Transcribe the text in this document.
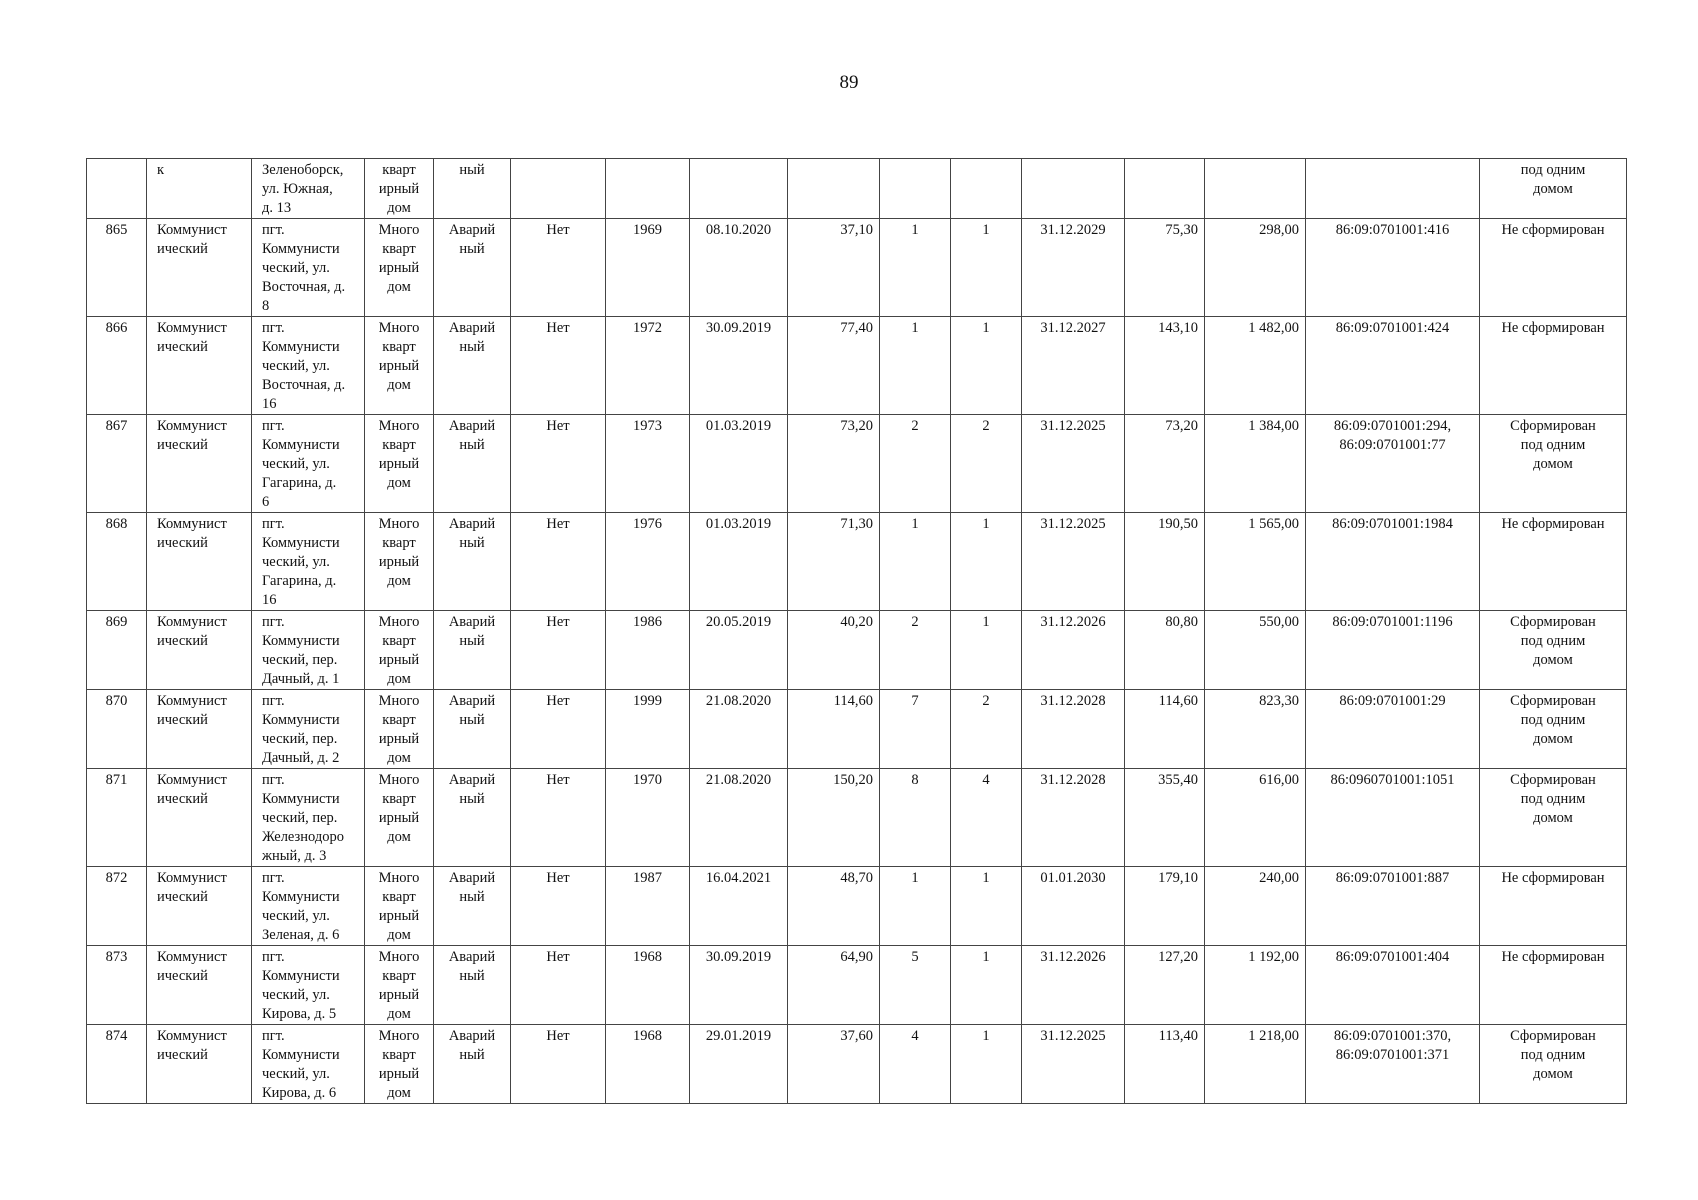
89
	к	Зеленоборск,
ул. Южная,
д. 13	кварт
ирный
дом	ный											под одним
домом
865	Коммунист
ический	пгт.
Коммунисти
ческий, ул.
Восточная, д.
8	Много
кварт
ирный
дом	Аварий
ный	Нет	1969	08.10.2020	37,10	1	1	31.12.2029	75,30	298,00	86:09:0701001:416	Не сформирован
866	Коммунист
ический	пгт.
Коммунисти
ческий, ул.
Восточная, д.
16	Много
кварт
ирный
дом	Аварий
ный	Нет	1972	30.09.2019	77,40	1	1	31.12.2027	143,10	1 482,00	86:09:0701001:424	Не сформирован
867	Коммунист
ический	пгт.
Коммунисти
ческий, ул.
Гагарина, д.
6	Много
кварт
ирный
дом	Аварий
ный	Нет	1973	01.03.2019	73,20	2	2	31.12.2025	73,20	1 384,00	86:09:0701001:294,
86:09:0701001:77	Сформирован
под одним
домом
868	Коммунист
ический	пгт.
Коммунисти
ческий, ул.
Гагарина, д.
16	Много
кварт
ирный
дом	Аварий
ный	Нет	1976	01.03.2019	71,30	1	1	31.12.2025	190,50	1 565,00	86:09:0701001:1984	Не сформирован
869	Коммунист
ический	пгт.
Коммунисти
ческий, пер.
Дачный, д. 1	Много
кварт
ирный
дом	Аварий
ный	Нет	1986	20.05.2019	40,20	2	1	31.12.2026	80,80	550,00	86:09:0701001:1196	Сформирован
под одним
домом
870	Коммунист
ический	пгт.
Коммунисти
ческий, пер.
Дачный, д. 2	Много
кварт
ирный
дом	Аварий
ный	Нет	1999	21.08.2020	114,60	7	2	31.12.2028	114,60	823,30	86:09:0701001:29	Сформирован
под одним
домом
871	Коммунист
ический	пгт.
Коммунисти
ческий, пер.
Железнодоро
жный, д. 3	Много
кварт
ирный
дом	Аварий
ный	Нет	1970	21.08.2020	150,20	8	4	31.12.2028	355,40	616,00	86:0960701001:1051	Сформирован
под одним
домом
872	Коммунист
ический	пгт.
Коммунисти
ческий, ул.
Зеленая, д. 6	Много
кварт
ирный
дом	Аварий
ный	Нет	1987	16.04.2021	48,70	1	1	01.01.2030	179,10	240,00	86:09:0701001:887	Не сформирован
873	Коммунист
ический	пгт.
Коммунисти
ческий, ул.
Кирова, д. 5	Много
кварт
ирный
дом	Аварий
ный	Нет	1968	30.09.2019	64,90	5	1	31.12.2026	127,20	1 192,00	86:09:0701001:404	Не сформирован
874	Коммунист
ический	пгт.
Коммунисти
ческий, ул.
Кирова, д. 6	Много
кварт
ирный
дом	Аварий
ный	Нет	1968	29.01.2019	37,60	4	1	31.12.2025	113,40	1 218,00	86:09:0701001:370,
86:09:0701001:371	Сформирован
под одним
домом
